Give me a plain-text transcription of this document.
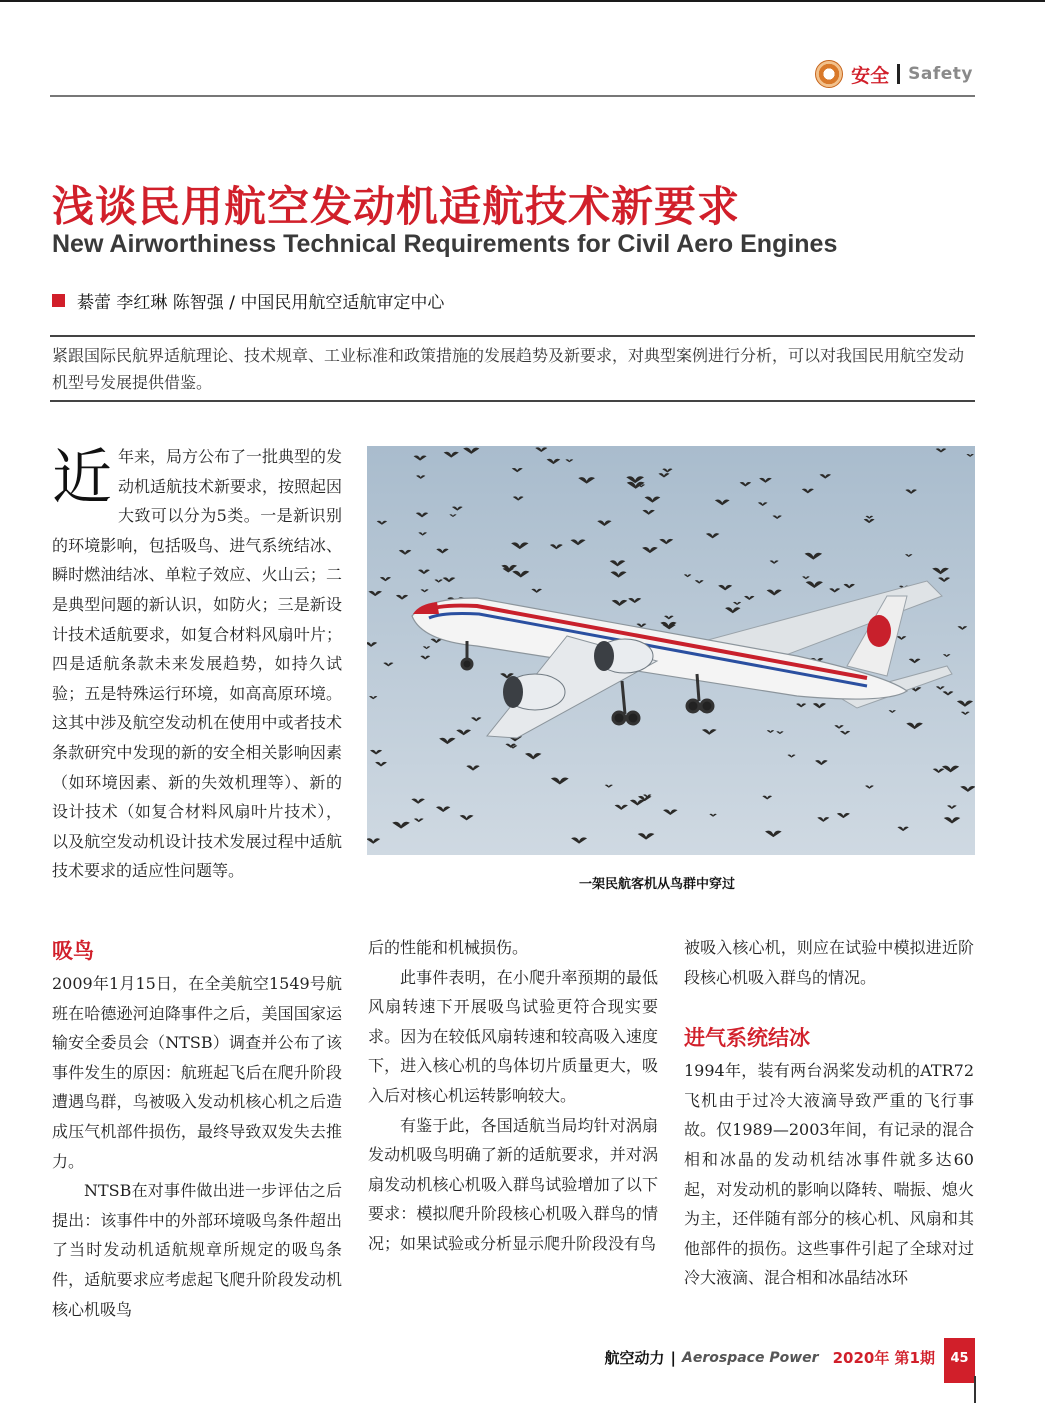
安全 Safety
浅谈民用航空发动机适航技术新要求
New Airworthiness Technical Requirements for Civil Aero Engines
綦蕾 李红琳 陈智强 / 中国民用航空适航审定中心
紧跟国际民航界适航理论、技术规章、工业标准和政策措施的发展趋势及新要求，对典型案例进行分析，可以对我国民用航空发动机型号发展提供借鉴。

近年来，局方公布了一批典型的发动机适航技术新要求，按照起因大致可以分为5类。一是新识别的环境影响，包括吸鸟、进气系统结冰、瞬时燃油结冰、单粒子效应、火山云；二是典型问题的新认识，如防火；三是新设计技术适航要求，如复合材料风扇叶片；四是适航条款未来发展趋势，如持久试验；五是特殊运行环境，如高高原环境。这其中涉及航空发动机在使用中或者技术条款研究中发现的新的安全相关影响因素（如环境因素、新的失效机理等）、新的设计技术（如复合材料风扇叶片技术），以及航空发动机设计技术发展过程中适航技术要求的适应性问题等。

一架民航客机从鸟群中穿过
吸鸟

2009年1月15日，在全美航空1549号航班在哈德逊河迫降事件之后，美国国家运输安全委员会（NTSB）调查并公布了该事件发生的原因：航班起飞后在爬升阶段遭遇鸟群，鸟被吸入发动机核心机之后造成压气机部件损伤，最终导致双发失去推力。

NTSB在对事件做出进一步评估之后提出：该事件中的外部环境吸鸟条件超出了当时发动机适航规章所规定的吸鸟条件，适航要求应考虑起飞爬升阶段发动机核心机吸鸟

后的性能和机械损伤。

此事件表明，在小爬升率预期的最低风扇转速下开展吸鸟试验更符合现实要求。因为在较低风扇转速和较高吸入速度下，进入核心机的鸟体切片质量更大，吸入后对核心机运转影响较大。

有鉴于此，各国适航当局均针对涡扇发动机吸鸟明确了新的适航要求，并对涡扇发动机核心机吸入群鸟试验增加了以下要求：模拟爬升阶段核心机吸入群鸟的情况；如果试验或分析显示爬升阶段没有鸟

被吸入核心机，则应在试验中模拟进近阶段核心机吸入群鸟的情况。

进气系统结冰

1994年，装有两台涡桨发动机的ATR72飞机由于过冷大液滴导致严重的飞行事故。仅1989—2003年间，有记录的混合相和冰晶的发动机结冰事件就多达60起，对发动机的影响以降转、喘振、熄火为主，还伴随有部分的核心机、风扇和其他部件的损伤。这些事件引起了全球对过冷大液滴、混合相和冰晶结冰环

航空动力 | Aerospace Power 2020年 第1期	45
